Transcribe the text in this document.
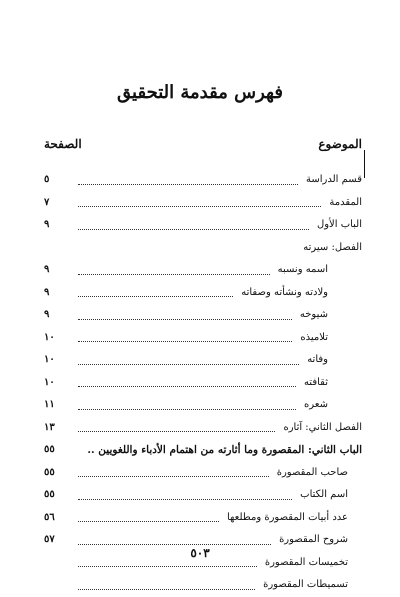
فهرس مقدمة التحقيق
الموضوع
الصفحة
قسم الدراسة
٥
المقدمة
٧
الباب الأول
٩
الفصل: سيرته
اسمه ونسبه
٩
ولادته ونشأته وصفاته
٩
شيوخه
٩
تلاميذه
١٠
وفاته
١٠
ثقافته
١٠
شعره
١١
الفصل الثاني: آثاره
١٣
الباب الثاني: المقصورة وما أثارته من اهتمام الأدباء واللغويين ..
٥٥
صاحب المقصورة
٥٥
اسم الكتاب
٥٥
عدد أبيات المقصورة ومطلعها
٥٦
شروح المقصورة
٥٧
تخميسات المقصورة
تسميطات المقصورة
٥٠٣
